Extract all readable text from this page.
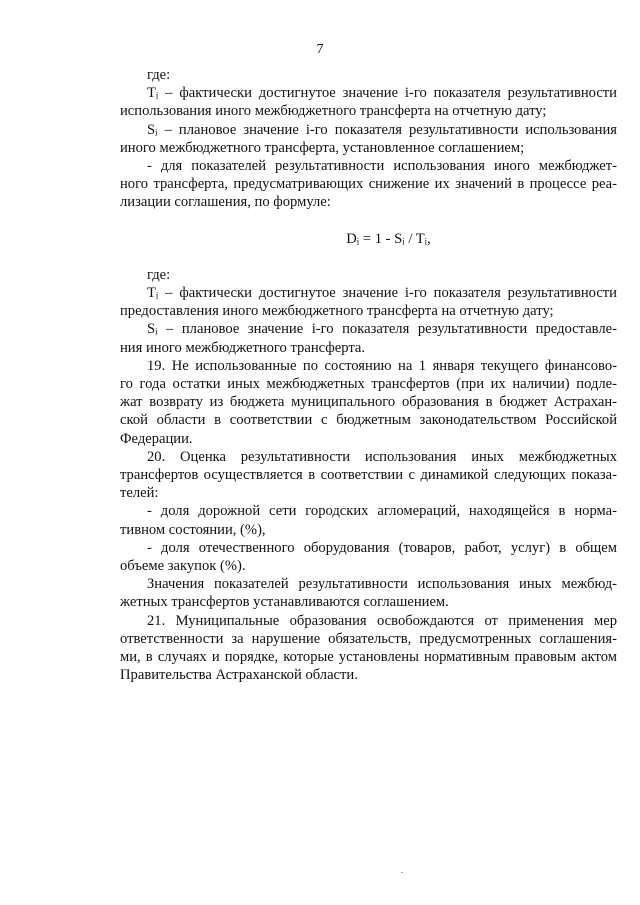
7

где:

Tᵢ – фактически достигнутое значение i-го показателя результативности

использования иного межбюджетного трансферта на отчетную дату;

Sᵢ – плановое значение i-го показателя результативности использования

иного межбюджетного трансферта, установленное соглашением;

- для показателей результативности использования иного межбюджет-

ного трансферта, предусматривающих снижение их значений в процессе реа-

лизации соглашения, по формуле:

Dᵢ = 1 - Sᵢ / Tᵢ,

где:

Tᵢ – фактически достигнутое значение i-го показателя результативности

предоставления иного межбюджетного трансферта на отчетную дату;

Sᵢ – плановое значение i-го показателя результативности предоставле-

ния иного межбюджетного трансферта.

19. Не использованные по состоянию на 1 января текущего финансово-

го года остатки иных межбюджетных трансфертов (при их наличии) подле-

жат возврату из бюджета муниципального образования в бюджет Астрахан-

ской области в соответствии с бюджетным законодательством Российской

Федерации.

20. Оценка результативности использования иных межбюджетных

трансфертов осуществляется в соответствии с динамикой следующих показа-

телей:

- доля дорожной сети городских агломераций, находящейся в норма-

тивном состоянии, (%),

- доля отечественного оборудования (товаров, работ, услуг) в общем

объеме закупок (%).

Значения показателей результативности использования иных межбюд-

жетных трансфертов устанавливаются соглашением.

21. Муниципальные образования освобождаются от применения мер

ответственности за нарушение обязательств, предусмотренных соглашения-

ми, в случаях и порядке, которые установлены нормативным правовым актом

Правительства Астраханской области.

.
